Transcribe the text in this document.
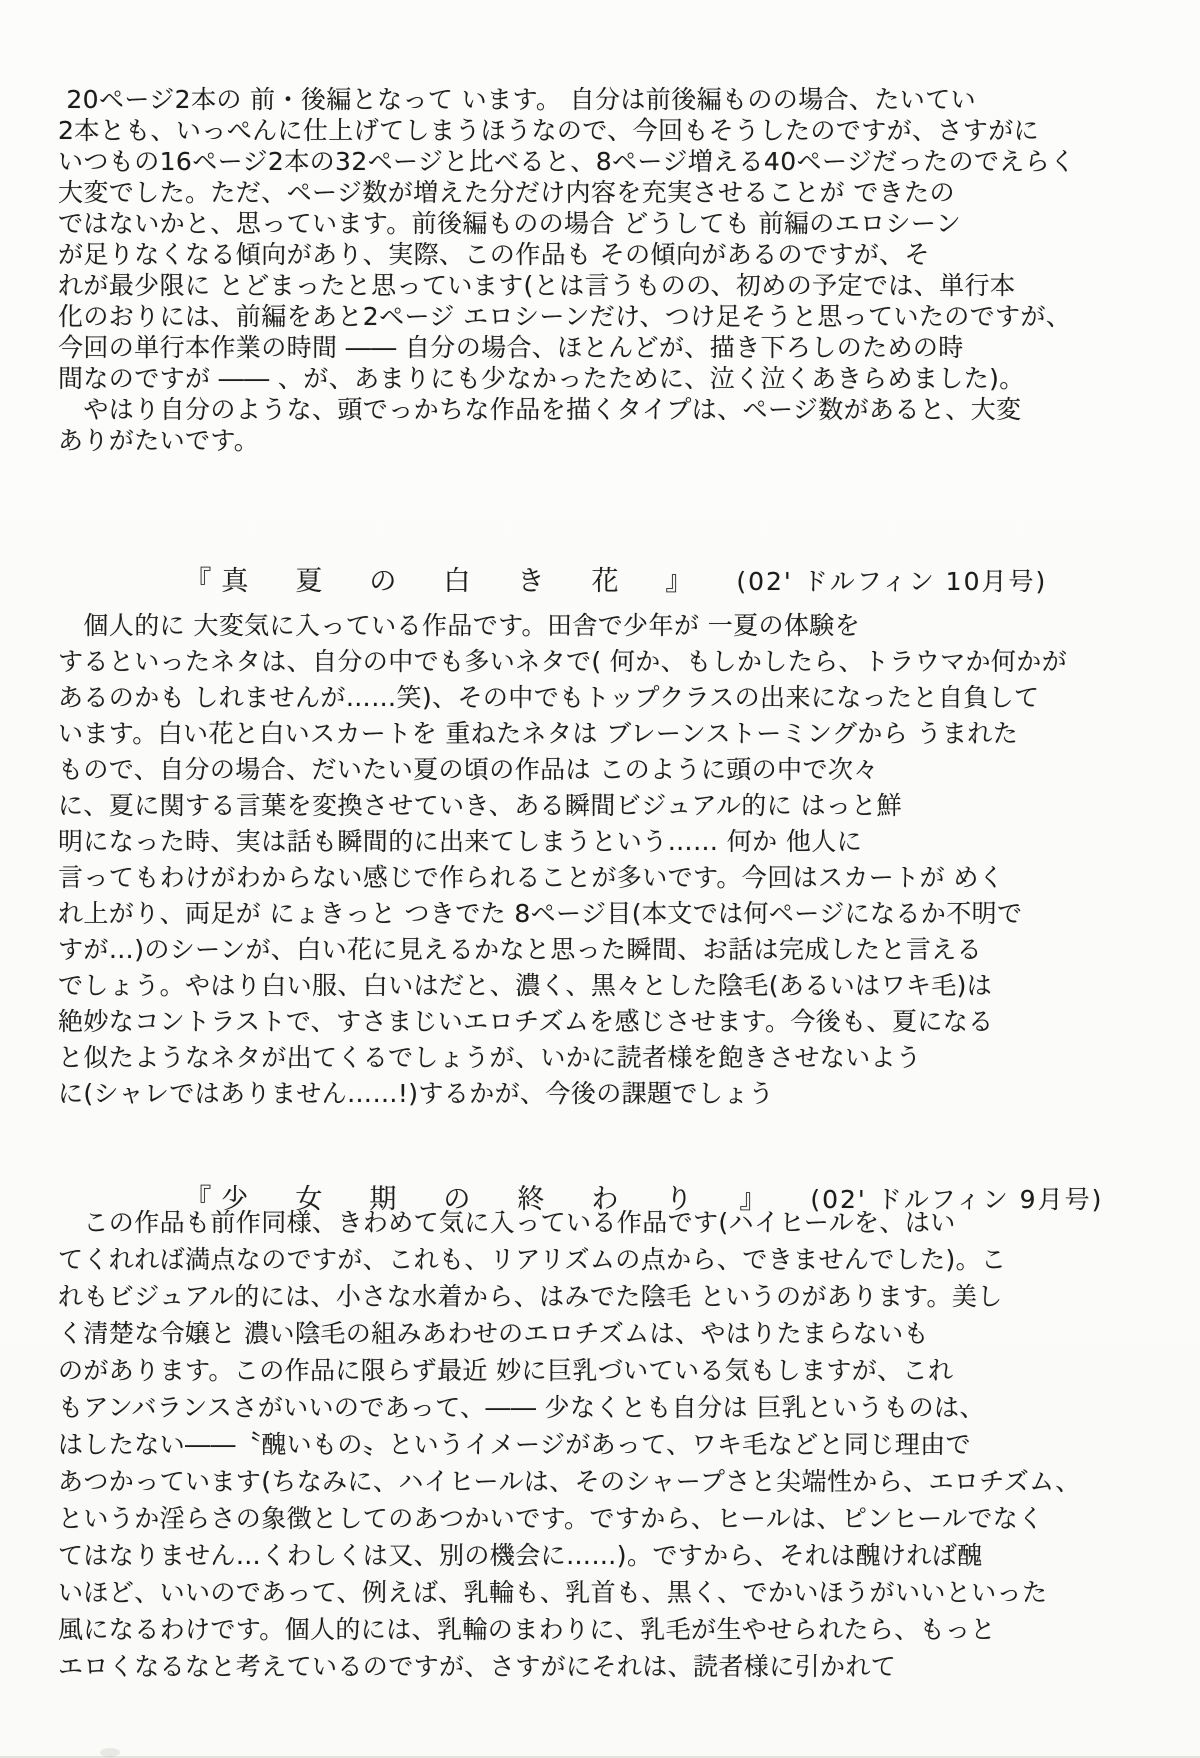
20ページ2本の 前・後編となって います。 自分は前後編ものの場合、たいてい
2本とも、いっぺんに仕上げてしまうほうなので、今回もそうしたのですが、さすがに
いつもの16ページ2本の32ページと比べると、8ページ増える40ページだったのでえらく
大変でした。ただ、ページ数が増えた分だけ内容を充実させることが できたの
ではないかと、思っています。前後編ものの場合 どうしても 前編のエロシーン
が足りなくなる傾向があり、実際、この作品も その傾向があるのですが、そ
れが最少限に とどまったと思っています(とは言うものの、初めの予定では、単行本
化のおりには、前編をあと2ページ エロシーンだけ、つけ足そうと思っていたのですが、
今回の単行本作業の時間 ―― 自分の場合、ほとんどが、描き下ろしのための時
間なのですが ―― 、が、あまりにも少なかったために、泣く泣くあきらめました)。
　やはり自分のような、頭でっかちな作品を描くタイプは、ページ数があると、大変
ありがたいです。

『真　夏　の　白　き　花　』 (02' ドルフィン 10月号)

　個人的に 大変気に入っている作品です。田舎で少年が 一夏の体験を
するといったネタは、自分の中でも多いネタで( 何か、もしかしたら、トラウマか何かが
あるのかも しれませんが……笑)、その中でもトップクラスの出来になったと自負して
います。白い花と白いスカートを 重ねたネタは ブレーンストーミングから うまれた
もので、自分の場合、だいたい夏の頃の作品は このように頭の中で次々
に、夏に関する言葉を変換させていき、ある瞬間ビジュアル的に はっと鮮
明になった時、実は話も瞬間的に出来てしまうという…… 何か 他人に
言ってもわけがわからない感じで作られることが多いです。今回はスカートが めく
れ上がり、両足が にょきっと つきでた 8ページ目(本文では何ページになるか不明で
すが…)のシーンが、白い花に見えるかなと思った瞬間、お話は完成したと言える
でしょう。やはり白い服、白いはだと、濃く、黒々とした陰毛(あるいはワキ毛)は
絶妙なコントラストで、すさまじいエロチズムを感じさせます。今後も、夏になる
と似たようなネタが出てくるでしょうが、いかに読者様を飽きさせないよう
に(シャレではありません……!)するかが、今後の課題でしょう

『少　女　期　の　終　わ　り　』 (02' ドルフィン 9月号)

　この作品も前作同様、きわめて気に入っている作品です(ハイヒールを、はい
てくれれば満点なのですが、これも、リアリズムの点から、できませんでした)。こ
れもビジュアル的には、小さな水着から、はみでた陰毛 というのがあります。美し
く清楚な令嬢と 濃い陰毛の組みあわせのエロチズムは、やはりたまらないも
のがあります。この作品に限らず最近 妙に巨乳づいている気もしますが、これ
もアンバランスさがいいのであって、―― 少なくとも自分は 巨乳というものは、
はしたない――〝醜いもの〟というイメージがあって、ワキ毛などと同じ理由で
あつかっています(ちなみに、ハイヒールは、そのシャープさと尖端性から、エロチズム、
というか淫らさの象徴としてのあつかいです。ですから、ヒールは、ピンヒールでなく
てはなりません…くわしくは又、別の機会に……)。ですから、それは醜ければ醜
いほど、いいのであって、例えば、乳輪も、乳首も、黒く、でかいほうがいいといった
風になるわけです。個人的には、乳輪のまわりに、乳毛が生やせられたら、もっと
エロくなるなと考えているのですが、さすがにそれは、読者様に引かれて
